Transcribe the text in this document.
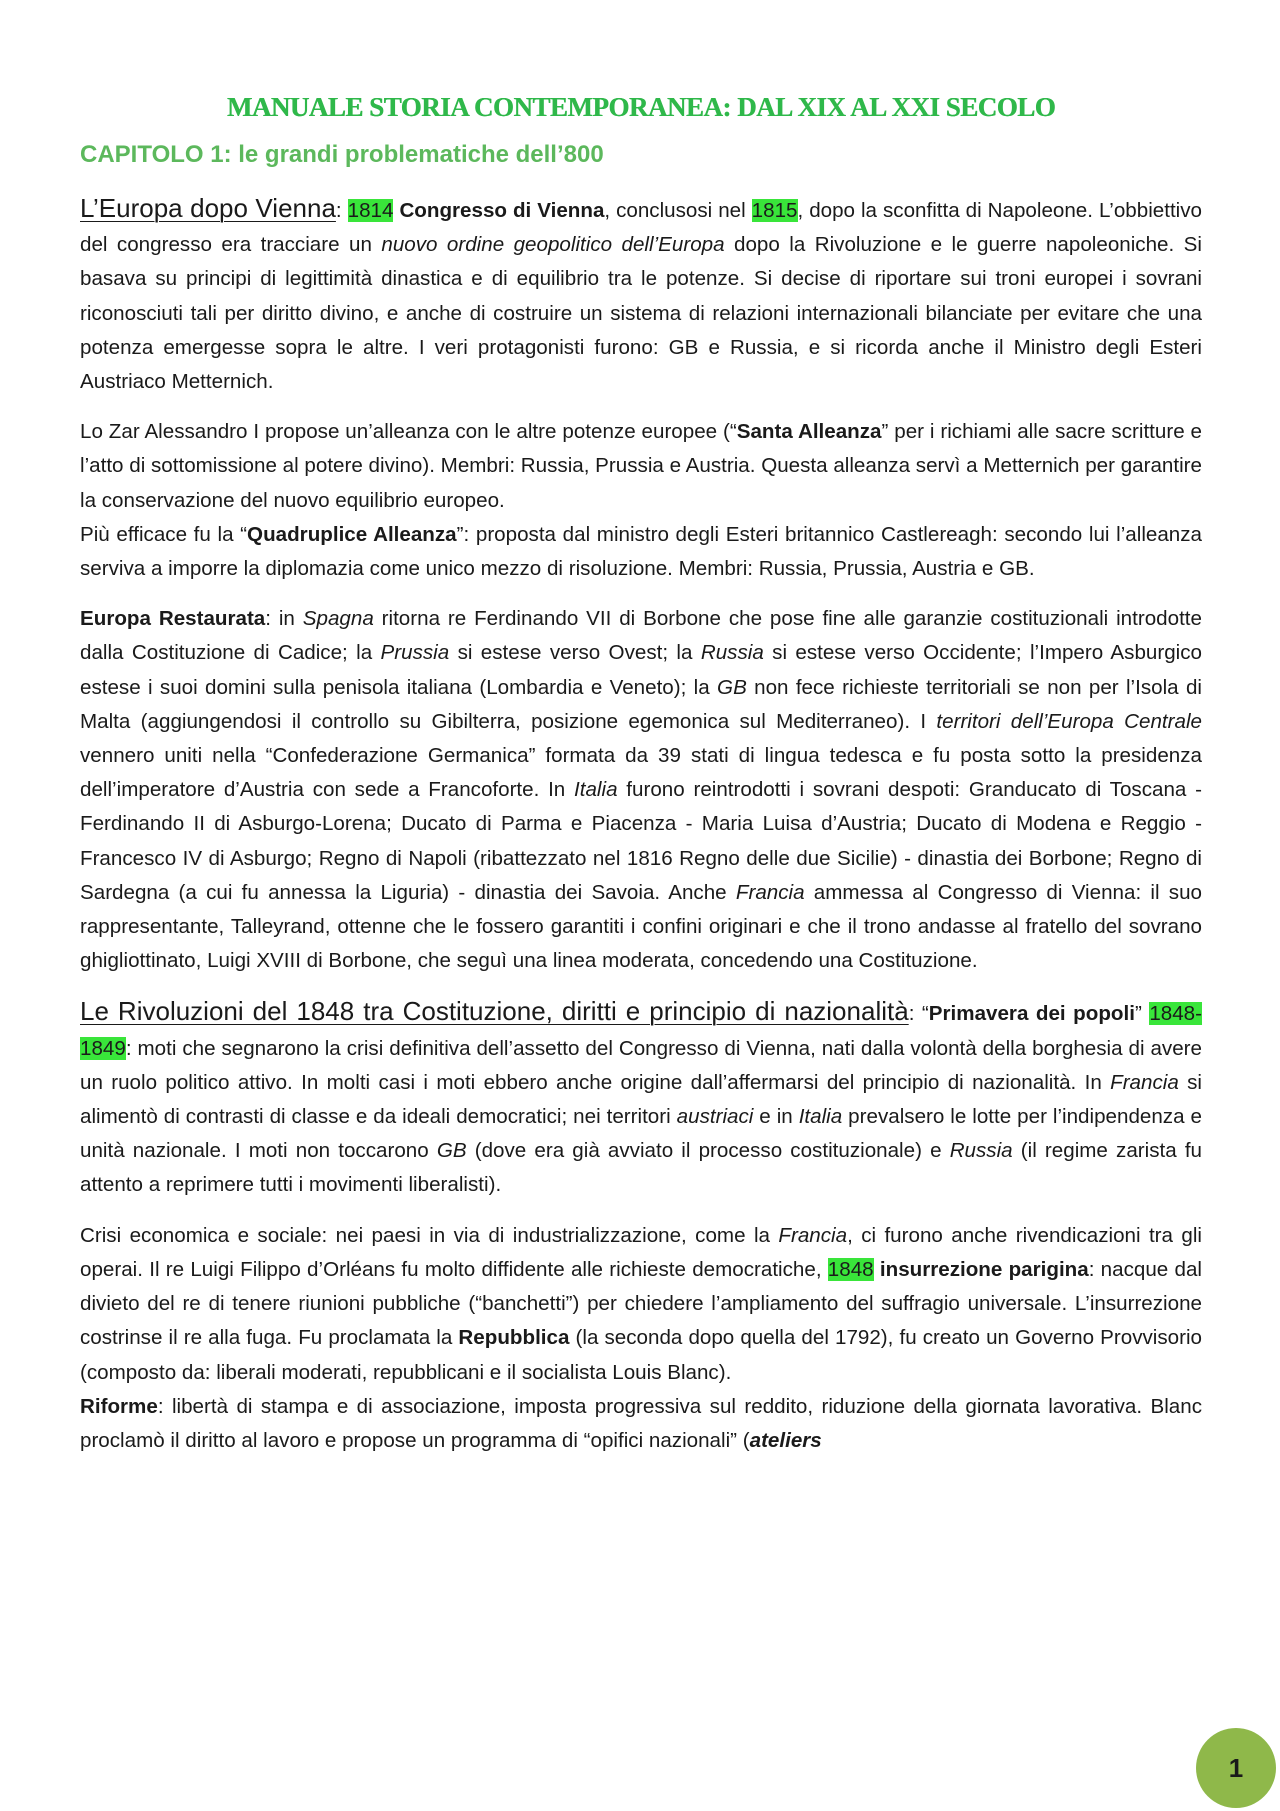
MANUALE STORIA CONTEMPORANEA: DAL XIX AL XXI SECOLO
CAPITOLO 1: le grandi problematiche dell’800

L’Europa dopo Vienna: 1814 Congresso di Vienna, conclusosi nel 1815, dopo la sconfitta di Napoleone. L’obbiettivo del congresso era tracciare un nuovo ordine geopolitico dell’Europa dopo la Rivoluzione e le guerre napoleoniche. Si basava su principi di legittimità dinastica e di equilibrio tra le potenze. Si decise di riportare sui troni europei i sovrani riconosciuti tali per diritto divino, e anche di costruire un sistema di relazioni internazionali bilanciate per evitare che una potenza emergesse sopra le altre. I veri protagonisti furono: GB e Russia, e si ricorda anche il Ministro degli Esteri Austriaco Metternich.

Lo Zar Alessandro I propose un’alleanza con le altre potenze europee (“Santa Alleanza” per i richiami alle sacre scritture e l’atto di sottomissione al potere divino). Membri: Russia, Prussia e Austria. Questa alleanza servì a Metternich per garantire la conservazione del nuovo equilibrio europeo.

Più efficace fu la “Quadruplice Alleanza”: proposta dal ministro degli Esteri britannico Castlereagh: secondo lui l’alleanza serviva a imporre la diplomazia come unico mezzo di risoluzione. Membri: Russia, Prussia, Austria e GB.

Europa Restaurata: in Spagna ritorna re Ferdinando VII di Borbone che pose fine alle garanzie costituzionali introdotte dalla Costituzione di Cadice; la Prussia si estese verso Ovest; la Russia si estese verso Occidente; l’Impero Asburgico estese i suoi domini sulla penisola italiana (Lombardia e Veneto); la GB non fece richieste territoriali se non per l’Isola di Malta (aggiungendosi il controllo su Gibilterra, posizione egemonica sul Mediterraneo). I territori dell’Europa Centrale vennero uniti nella “Confederazione Germanica” formata da 39 stati di lingua tedesca e fu posta sotto la presidenza dell’imperatore d’Austria con sede a Francoforte. In Italia furono reintrodotti i sovrani despoti: Granducato di Toscana - Ferdinando II di Asburgo-Lorena; Ducato di Parma e Piacenza - Maria Luisa d’Austria; Ducato di Modena e Reggio - Francesco IV di Asburgo; Regno di Napoli (ribattezzato nel 1816 Regno delle due Sicilie) - dinastia dei Borbone; Regno di Sardegna (a cui fu annessa la Liguria) - dinastia dei Savoia. Anche Francia ammessa al Congresso di Vienna: il suo rappresentante, Talleyrand, ottenne che le fossero garantiti i confini originari e che il trono andasse al fratello del sovrano ghigliottinato, Luigi XVIII di Borbone, che seguì una linea moderata, concedendo una Costituzione.

Le Rivoluzioni del 1848 tra Costituzione, diritti e principio di nazionalità: “Primavera dei popoli” 1848-1849: moti che segnarono la crisi definitiva dell’assetto del Congresso di Vienna, nati dalla volontà della borghesia di avere un ruolo politico attivo. In molti casi i moti ebbero anche origine dall’affermarsi del principio di nazionalità. In Francia si alimentò di contrasti di classe e da ideali democratici; nei territori austriaci e in Italia prevalsero le lotte per l’indipendenza e unità nazionale. I moti non toccarono GB (dove era già avviato il processo costituzionale) e Russia (il regime zarista fu attento a reprimere tutti i movimenti liberalisti).

Crisi economica e sociale: nei paesi in via di industrializzazione, come la Francia, ci furono anche rivendicazioni tra gli operai. Il re Luigi Filippo d’Orléans fu molto diffidente alle richieste democratiche, 1848 insurrezione parigina: nacque dal divieto del re di tenere riunioni pubbliche (“banchetti”) per chiedere l’ampliamento del suffragio universale. L’insurrezione costrinse il re alla fuga. Fu proclamata la Repubblica (la seconda dopo quella del 1792), fu creato un Governo Provvisorio (composto da: liberali moderati, repubblicani e il socialista Louis Blanc).

Riforme: libertà di stampa e di associazione, imposta progressiva sul reddito, riduzione della giornata lavorativa. Blanc proclamò il diritto al lavoro e propose un programma di “opifici nazionali” (ateliers

1
